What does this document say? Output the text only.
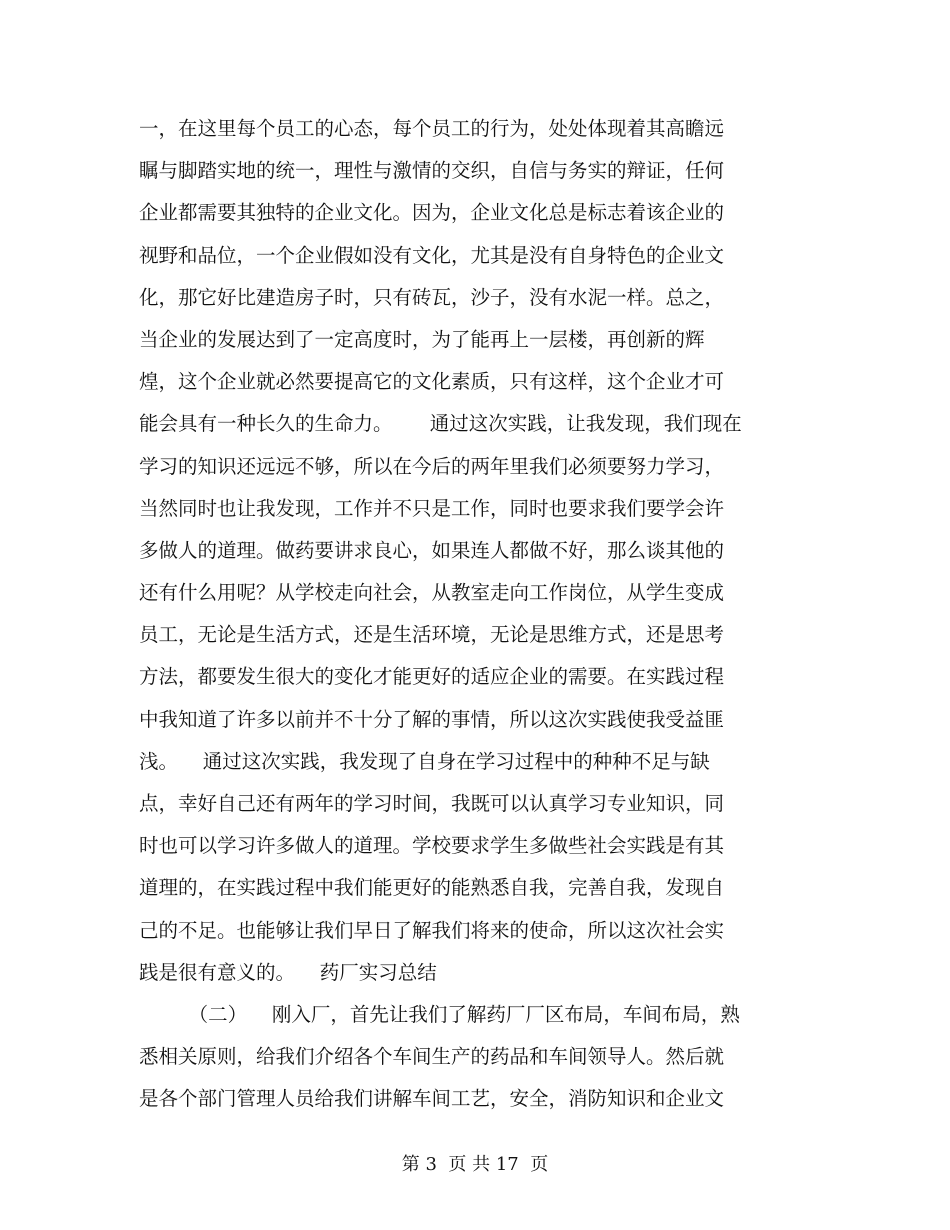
一，在这里每个员工的心态，每个员工的行为，处处体现着其高瞻远
瞩与脚踏实地的统一，理性与激情的交织，自信与务实的辩证，任何
企业都需要其独特的企业文化。因为，企业文化总是标志着该企业的
视野和品位，一个企业假如没有文化，尤其是没有自身特色的企业文
化，那它好比建造房子时，只有砖瓦，沙子，没有水泥一样。总之，
当企业的发展达到了一定高度时，为了能再上一层楼，再创新的辉
煌，这个企业就必然要提高它的文化素质，只有这样，这个企业才可
能会具有一种长久的生命力。      通过这次实践，让我发现，我们现在
学习的知识还远远不够，所以在今后的两年里我们必须要努力学习，
当然同时也让我发现，工作并不只是工作，同时也要求我们要学会许
多做人的道理。做药要讲求良心，如果连人都做不好，那么谈其他的
还有什么用呢？从学校走向社会，从教室走向工作岗位，从学生变成
员工，无论是生活方式，还是生活环境，无论是思维方式，还是思考
方法，都要发生很大的变化才能更好的适应企业的需要。在实践过程
中我知道了许多以前并不十分了解的事情，所以这次实践使我受益匪
浅。    通过这次实践，我发现了自身在学习过程中的种种不足与缺
点，幸好自己还有两年的学习时间，我既可以认真学习专业知识，同
时也可以学习许多做人的道理。学校要求学生多做些社会实践是有其
道理的，在实践过程中我们能更好的能熟悉自我，完善自我，发现自
己的不足。也能够让我们早日了解我们将来的使命，所以这次社会实
践是很有意义的。    药厂实习总结
（二）    刚入厂，首先让我们了解药厂厂区布局，车间布局，熟
悉相关原则，给我们介绍各个车间生产的药品和车间领导人。然后就
是各个部门管理人员给我们讲解车间工艺，安全，消防知识和企业文
第 3  页 共 17  页
